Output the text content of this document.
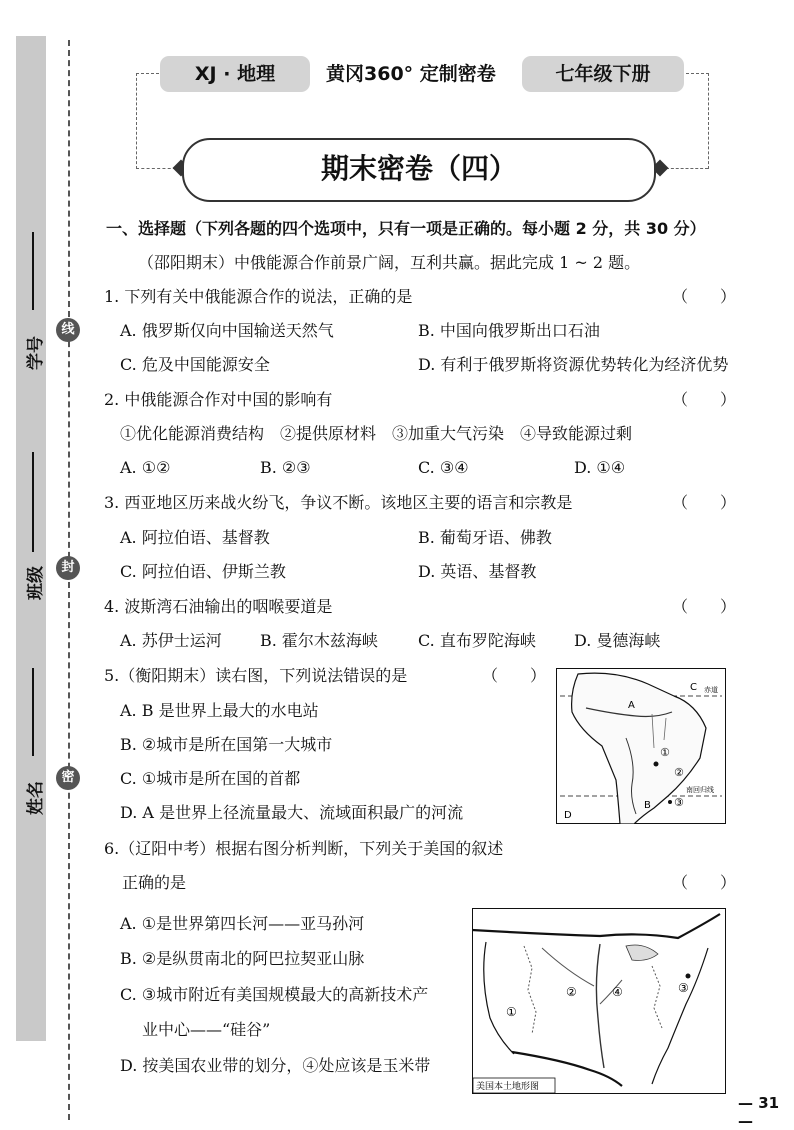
学号
班级
姓名
线
封
密
XJ · 地理	黄冈360° 定制密卷	七年级下册
期末密卷（四）
一、选择题（下列各题的四个选项中，只有一项是正确的。每小题 2 分，共 30 分）
（邵阳期末）中俄能源合作前景广阔，互利共赢。据此完成 1 ~ 2 题。
1. 下列有关中俄能源合作的说法，正确的是	（　　）
A. 俄罗斯仅向中国输送天然气	B. 中国向俄罗斯出口石油
C. 危及中国能源安全	D. 有利于俄罗斯将资源优势转化为经济优势
2. 中俄能源合作对中国的影响有	（　　）
①优化能源消费结构　②提供原材料　③加重大气污染　④导致能源过剩
A. ①②	B. ②③	C. ③④	D. ①④
3. 西亚地区历来战火纷飞，争议不断。该地区主要的语言和宗教是	（　　）
A. 阿拉伯语、基督教	B. 葡萄牙语、佛教
C. 阿拉伯语、伊斯兰教	D. 英语、基督教
4. 波斯湾石油输出的咽喉要道是	（　　）
A. 苏伊士运河 B. 霍尔木兹海峡	C. 直布罗陀海峡 D. 曼德海峡
5.（衡阳期末）读右图，下列说法错误的是	（　　）
A. B 是世界上最大的水电站
B. ②城市是所在国第一大城市
C. ①城市是所在国的首都
D. A 是世界上径流量最大、流域面积最广的河流
A
B
C
D
赤道
南回归线
①
②
③
6.（辽阳中考）根据右图分析判断，下列关于美国的叙述
正确的是	（　　）
A. ①是世界第四长河——亚马孙河
B. ②是纵贯南北的阿巴拉契亚山脉
C. ③城市附近有美国规模最大的高新技术产
业中心——“硅谷”
D. 按美国农业带的划分，④处应该是玉米带
①
②	③
④
美国本土地形图
— 31 —
